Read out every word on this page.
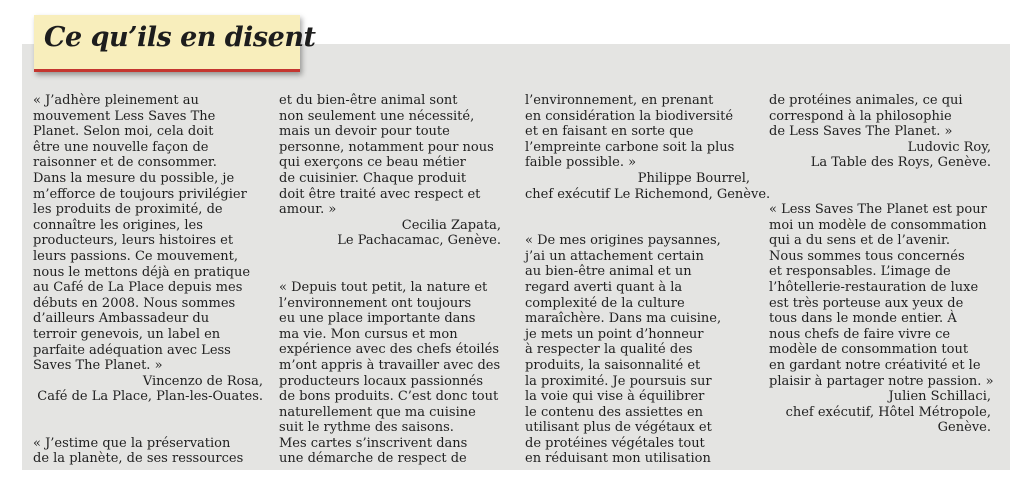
Ce qu’ils en disent

« J’adhère pleinement au

mouvement Less Saves The

Planet. Selon moi, cela doit

être une nouvelle façon de

raisonner et de consommer.

Dans la mesure du possible, je

m’efforce de toujours privilégier

les produits de proximité, de

connaître les origines, les

producteurs, leurs histoires et

leurs passions. Ce mouvement,

nous le mettons déjà en pratique

au Café de La Place depuis mes

débuts en 2008. Nous sommes

d’ailleurs Ambassadeur du

terroir genevois, un label en

parfaite adéquation avec Less

Saves The Planet. »

Vincenzo de Rosa,

Café de La Place, Plan-les-Ouates.

« J’estime que la préservation

de la planète, de ses ressources

et du bien-être animal sont

non seulement une nécessité,

mais un devoir pour toute

personne, notamment pour nous

qui exerçons ce beau métier

de cuisinier. Chaque produit

doit être traité avec respect et

amour. »

Cecilia Zapata,

Le Pachacamac, Genève.

« Depuis tout petit, la nature et

l’environnement ont toujours

eu une place importante dans

ma vie. Mon cursus et mon

expérience avec des chefs étoilés

m’ont appris à travailler avec des

producteurs locaux passionnés

de bons produits. C’est donc tout

naturellement que ma cuisine

suit le rythme des saisons.

Mes cartes s’inscrivent dans

une démarche de respect de

l’environnement, en prenant

en considération la biodiversité

et en faisant en sorte que

l’empreinte carbone soit la plus

faible possible. »

Philippe Bourrel,

chef exécutif Le Richemond, Genève.

« De mes origines paysannes,

j’ai un attachement certain

au bien-être animal et un

regard averti quant à la

complexité de la culture

maraîchère. Dans ma cuisine,

je mets un point d’honneur

à respecter la qualité des

produits, la saisonnalité et

la proximité. Je poursuis sur

la voie qui vise à équilibrer

le contenu des assiettes en

utilisant plus de végétaux et

de protéines végétales tout

en réduisant mon utilisation

de protéines animales, ce qui

correspond à la philosophie

de Less Saves The Planet. »

Ludovic Roy,

La Table des Roys, Genève.

« Less Saves The Planet est pour

moi un modèle de consommation

qui a du sens et de l’avenir.

Nous sommes tous concernés

et responsables. L’image de

l’hôtellerie-restauration de luxe

est très porteuse aux yeux de

tous dans le monde entier. À

nous chefs de faire vivre ce

modèle de consommation tout

en gardant notre créativité et le

plaisir à partager notre passion. »

Julien Schillaci,

chef exécutif, Hôtel Métropole,

Genève.
